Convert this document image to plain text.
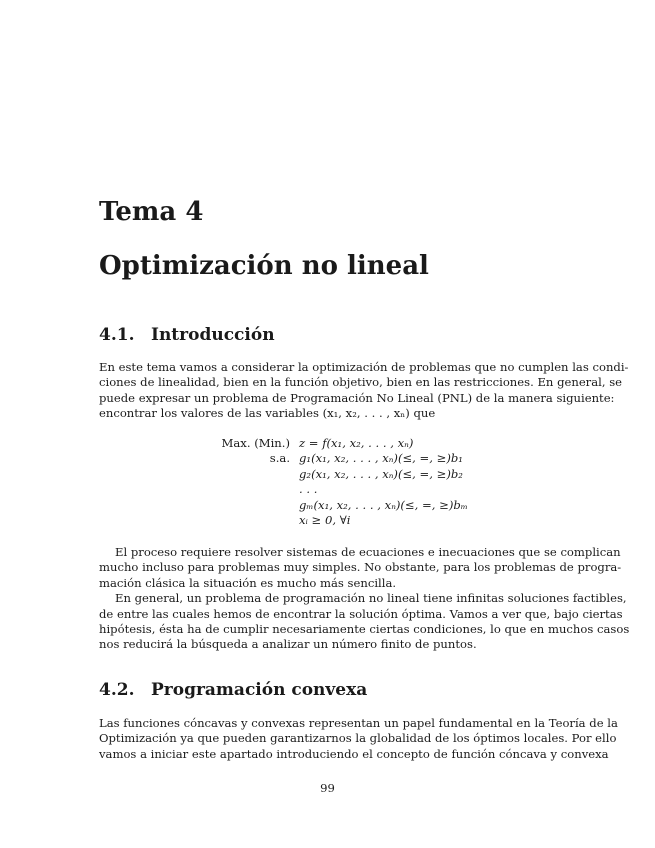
Tema 4
Optimización no lineal
4.1. Introducción
En este tema vamos a considerar la optimización de problemas que no cumplen las condi-
ciones de linealidad, bien en la función objetivo, bien en las restricciones. En general, se
puede expresar un problema de Programación No Lineal (PNL) de la manera siguiente:
encontrar los valores de las variables (x₁, x₂, . . . , xₙ) que
Max. (Min.)	z = f(x₁, x₂, . . . , xₙ)
s.a.	g₁(x₁, x₂, . . . , xₙ)(≤, =, ≥)b₁
	g₂(x₁, x₂, . . . , xₙ)(≤, =, ≥)b₂
	. . .
	gₘ(x₁, x₂, . . . , xₙ)(≤, =, ≥)bₘ
	xᵢ ≥ 0, ∀i
El proceso requiere resolver sistemas de ecuaciones e inecuaciones que se complican
mucho incluso para problemas muy simples. No obstante, para los problemas de progra-
mación clásica la situación es mucho más sencilla.
En general, un problema de programación no lineal tiene infinitas soluciones factibles,
de entre las cuales hemos de encontrar la solución óptima. Vamos a ver que, bajo ciertas
hipótesis, ésta ha de cumplir necesariamente ciertas condiciones, lo que en muchos casos
nos reducirá la búsqueda a analizar un número finito de puntos.
4.2. Programación convexa
Las funciones cóncavas y convexas representan un papel fundamental en la Teoría de la
Optimización ya que pueden garantizarnos la globalidad de los óptimos locales. Por ello
vamos a iniciar este apartado introduciendo el concepto de función cóncava y convexa
99
